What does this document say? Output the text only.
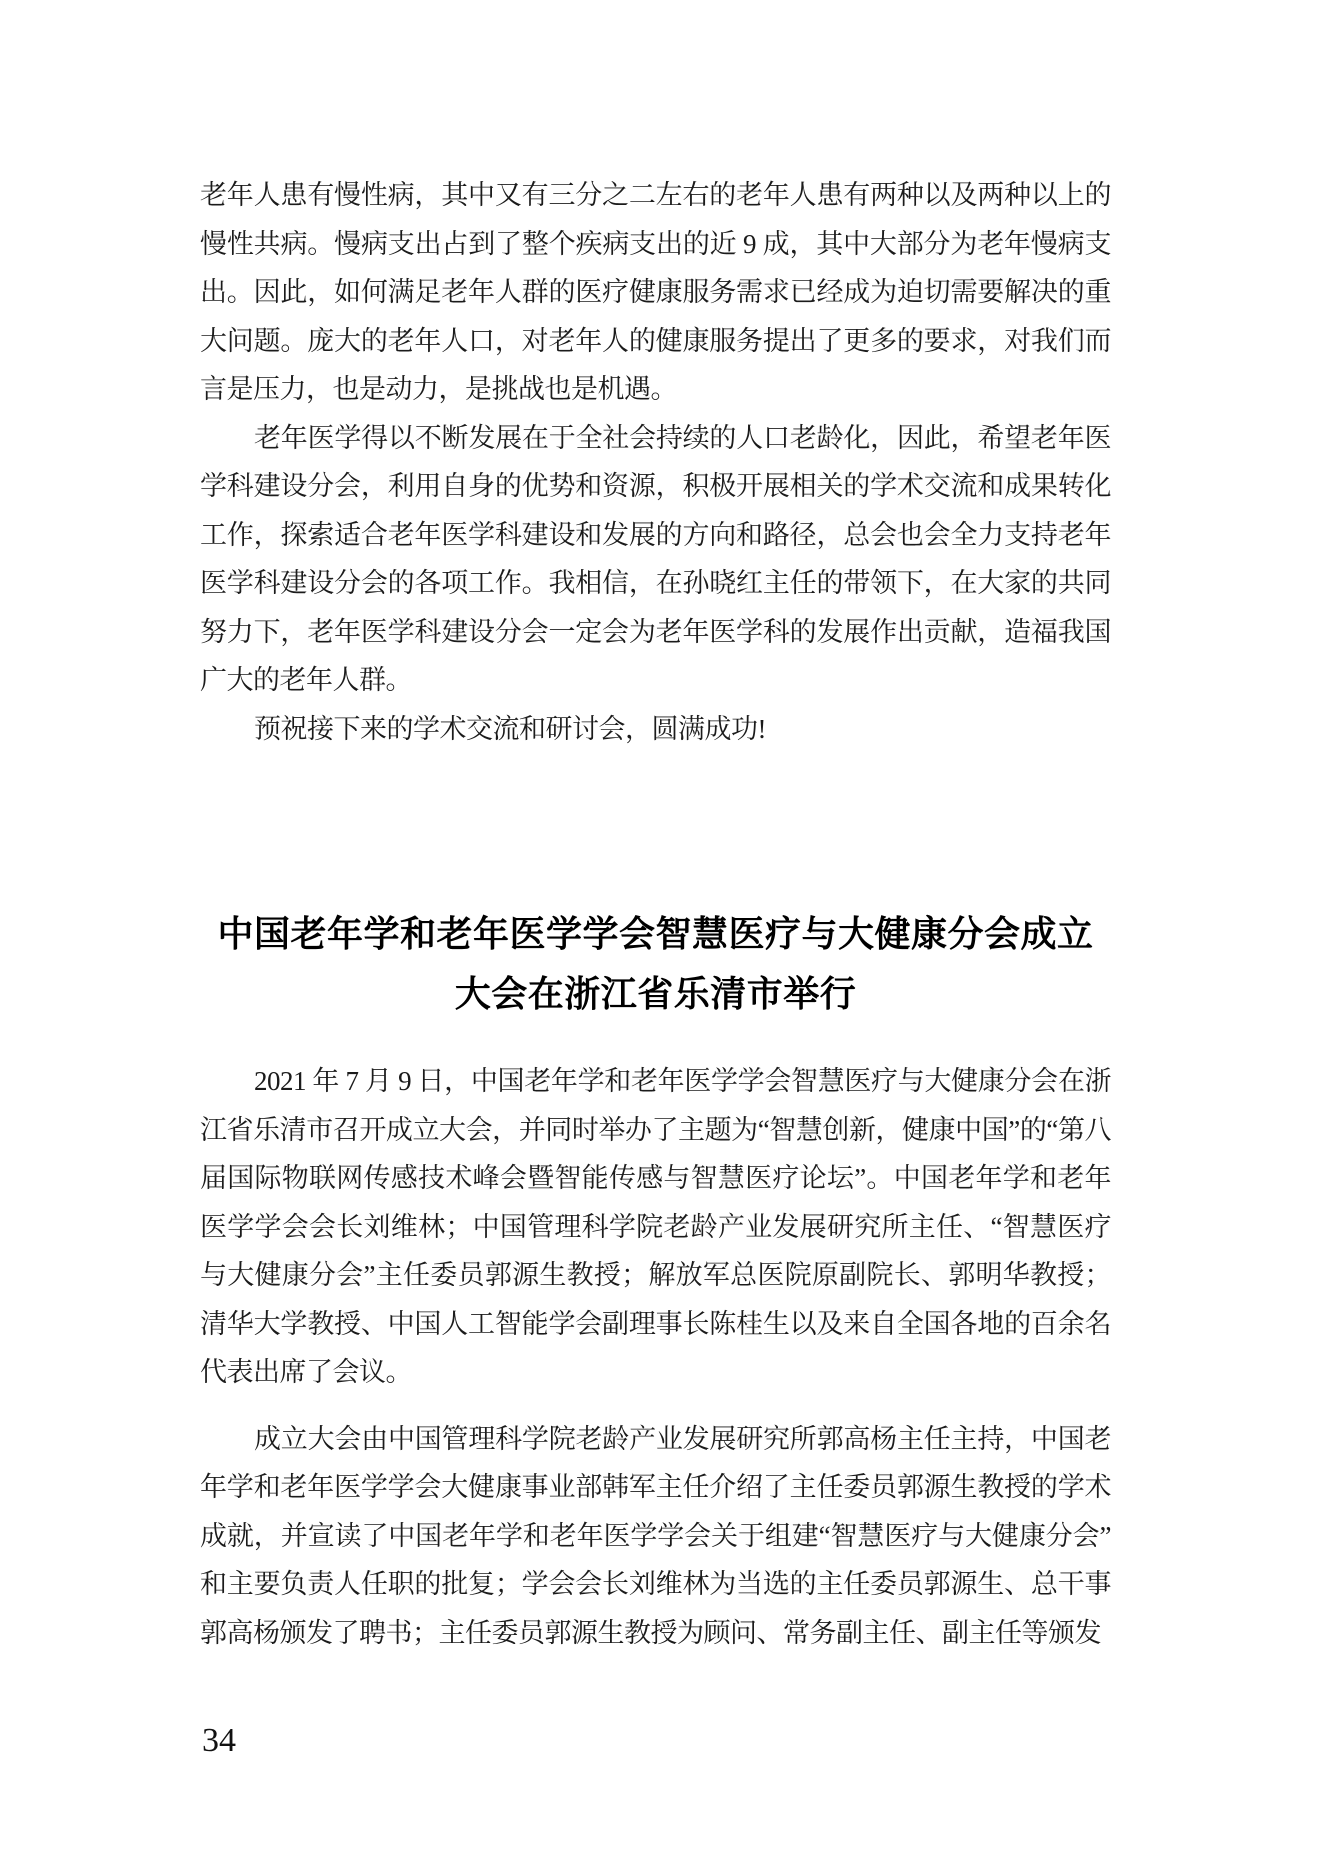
老年人患有慢性病，其中又有三分之二左右的老年人患有两种以及两种以上的慢性共病。慢病支出占到了整个疾病支出的近 9 成，其中大部分为老年慢病支出。因此，如何满足老年人群的医疗健康服务需求已经成为迫切需要解决的重大问题。庞大的老年人口，对老年人的健康服务提出了更多的要求，对我们而言是压力，也是动力，是挑战也是机遇。

老年医学得以不断发展在于全社会持续的人口老龄化，因此，希望老年医学科建设分会，利用自身的优势和资源，积极开展相关的学术交流和成果转化工作，探索适合老年医学科建设和发展的方向和路径，总会也会全力支持老年医学科建设分会的各项工作。我相信，在孙晓红主任的带领下，在大家的共同努力下，老年医学科建设分会一定会为老年医学科的发展作出贡献，造福我国广大的老年人群。

预祝接下来的学术交流和研讨会，圆满成功!

中国老年学和老年医学学会智慧医疗与大健康分会成立
大会在浙江省乐清市举行

2021 年 7 月 9 日，中国老年学和老年医学学会智慧医疗与大健康分会在浙江省乐清市召开成立大会，并同时举办了主题为“智慧创新，健康中国”的“第八届国际物联网传感技术峰会暨智能传感与智慧医疗论坛”。中国老年学和老年医学学会会长刘维林；中国管理科学院老龄产业发展研究所主任、“智慧医疗与大健康分会”主任委员郭源生教授；解放军总医院原副院长、郭明华教授；清华大学教授、中国人工智能学会副理事长陈桂生以及来自全国各地的百余名代表出席了会议。

成立大会由中国管理科学院老龄产业发展研究所郭高杨主任主持，中国老年学和老年医学学会大健康事业部韩军主任介绍了主任委员郭源生教授的学术成就，并宣读了中国老年学和老年医学学会关于组建“智慧医疗与大健康分会”和主要负责人任职的批复；学会会长刘维林为当选的主任委员郭源生、总干事郭高杨颁发了聘书；主任委员郭源生教授为顾问、常务副主任、副主任等颁发

34
